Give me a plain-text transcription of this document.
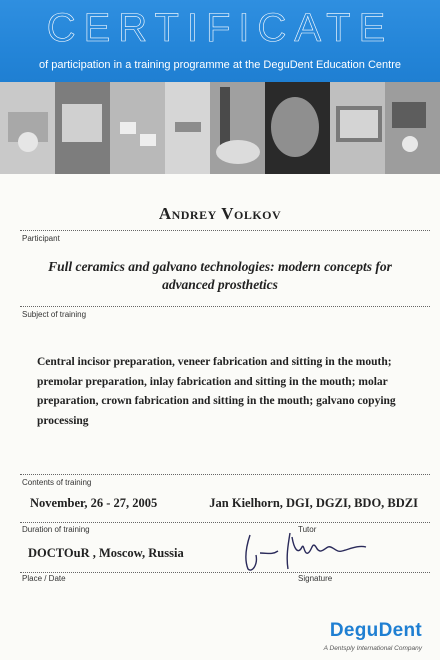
CERTIFICATE
of participation in a training programme at the DeguDent Education Centre
Andrey Volkov
Participant
Full ceramics and galvano technologies: modern concepts for advanced prosthetics
Subject of training
Central incisor preparation, veneer fabrication and sitting in the mouth; premolar preparation, inlay fabrication and sitting in the mouth; molar preparation, crown fabrication and sitting in the mouth; galvano copying processing
Contents of training
November, 26 - 27, 2005	Jan Kielhorn, DGI, DGZI, BDO, BDZI
Duration of training	Tutor
DOCTOuR , Moscow, Russia
Place / Date	Signature
DeguDent
A Dentsply International Company
